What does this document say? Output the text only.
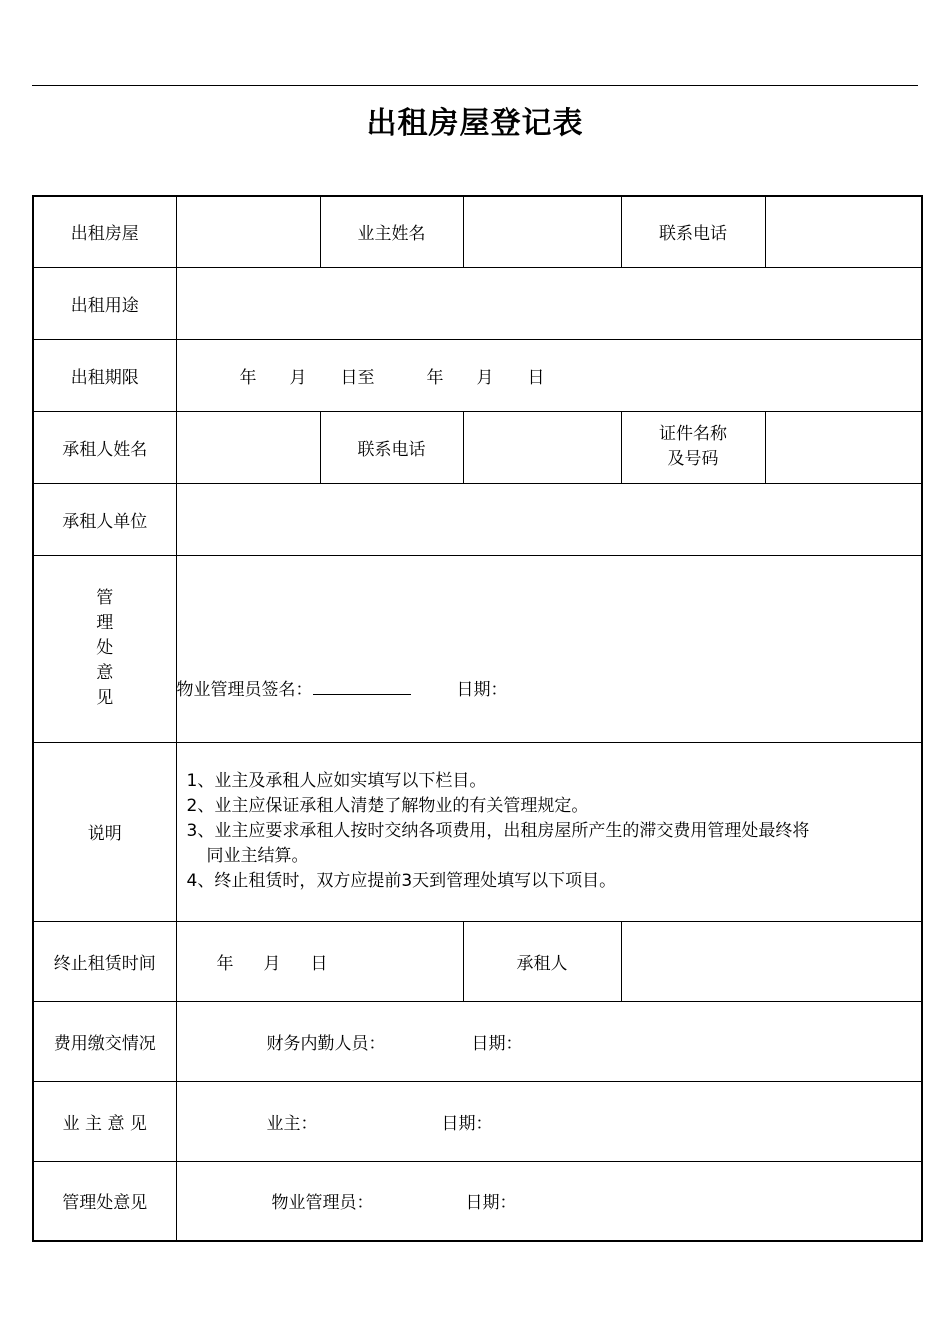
出租房屋登记表
出租房屋		业主姓名		联系电话	
出租用途					
出租期限	年 月 日至 年 月 日				
承租人姓名		联系电话		证件名称
及号码	

承租人单位					

管
理
处
意
见	物业管理员签名： 日期：				
说明	1、业主及承租人应如实填写以下栏目。
2、业主应保证承租人清楚了解物业的有关管理规定。
3、业主应要求承租人按时交纳各项费用，出租房屋所产生的滞交费用管理处最终将
同业主结算。
4、终止租赁时，双方应提前3天到管理处填写以下项目。				

终止租赁时间	年 月 日		承租人		
费用缴交情况	财务内勤人员： 日期：				
业 主 意 见	业主： 日期：				
管理处意见	物业管理员： 日期：				
